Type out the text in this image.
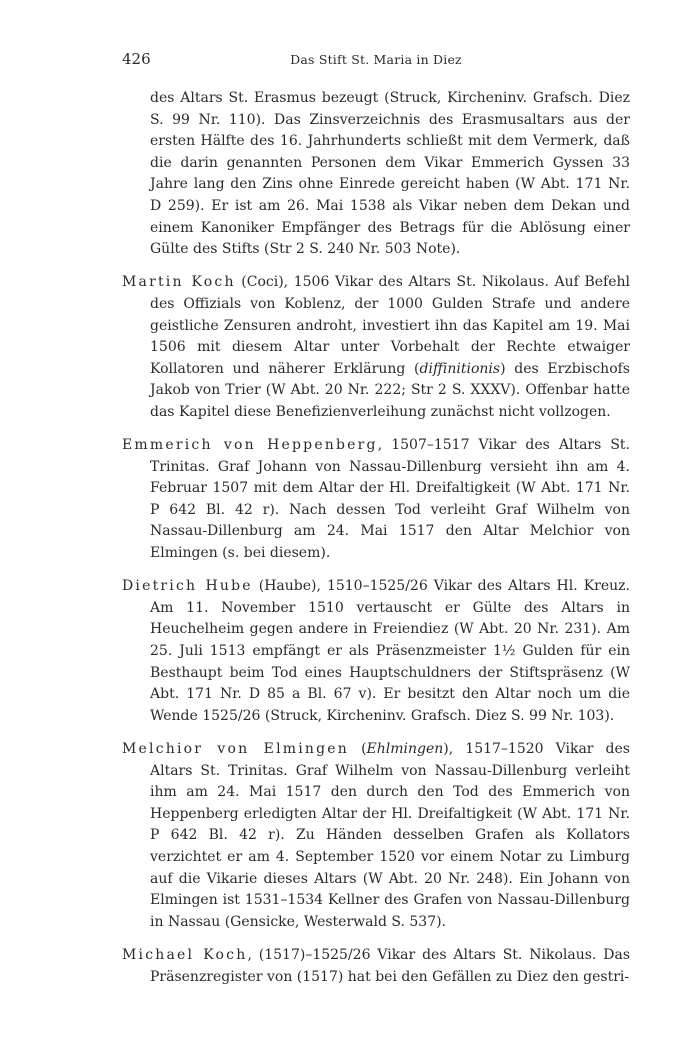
426	Das Stift St. Maria in Diez

des Altars St. Erasmus bezeugt (Struck, Kircheninv. Grafsch. Diez S. 99 Nr. 110). Das Zinsverzeichnis des Erasmusaltars aus der ersten Hälfte des 16. Jahrhunderts schließt mit dem Vermerk, daß die darin genannten Personen dem Vikar Emmerich Gyssen 33 Jahre lang den Zins ohne Einrede gereicht haben (W Abt. 171 Nr. D 259). Er ist am 26. Mai 1538 als Vikar neben dem Dekan und einem Kanoniker Empfänger des Betrags für die Ablösung einer Gülte des Stifts (Str 2 S. 240 Nr. 503 Note).

Martin Koch (Coci), 1506 Vikar des Altars St. Nikolaus. Auf Befehl des Offizials von Koblenz, der 1000 Gulden Strafe und andere geistliche Zensuren androht, investiert ihn das Kapitel am 19. Mai 1506 mit diesem Altar unter Vorbehalt der Rechte etwaiger Kollatoren und näherer Erklärung (diffinitionis) des Erzbischofs Jakob von Trier (W Abt. 20 Nr. 222; Str 2 S. XXXV). Offenbar hatte das Kapitel diese Benefizienverleihung zunächst nicht vollzogen.

Emmerich von Heppenberg, 1507–1517 Vikar des Altars St. Trinitas. Graf Johann von Nassau-Dillenburg versieht ihn am 4. Februar 1507 mit dem Altar der Hl. Dreifaltigkeit (W Abt. 171 Nr. P 642 Bl. 42 r). Nach dessen Tod verleiht Graf Wilhelm von Nassau-Dillenburg am 24. Mai 1517 den Altar Melchior von Elmingen (s. bei diesem).

Dietrich Hube (Haube), 1510–1525/26 Vikar des Altars Hl. Kreuz. Am 11. November 1510 vertauscht er Gülte des Altars in Heuchelheim gegen andere in Freiendiez (W Abt. 20 Nr. 231). Am 25. Juli 1513 empfängt er als Präsenzmeister 1½ Gulden für ein Besthaupt beim Tod eines Hauptschuldners der Stiftspräsenz (W Abt. 171 Nr. D 85 a Bl. 67 v). Er besitzt den Altar noch um die Wende 1525/26 (Struck, Kircheninv. Grafsch. Diez S. 99 Nr. 103).

Melchior von Elmingen (Ehlmingen), 1517–1520 Vikar des Altars St. Trinitas. Graf Wilhelm von Nassau-Dillenburg verleiht ihm am 24. Mai 1517 den durch den Tod des Emmerich von Heppenberg erledigten Altar der Hl. Dreifaltigkeit (W Abt. 171 Nr. P 642 Bl. 42 r). Zu Händen desselben Grafen als Kollators verzichtet er am 4. September 1520 vor einem Notar zu Limburg auf die Vikarie dieses Altars (W Abt. 20 Nr. 248). Ein Johann von Elmingen ist 1531–1534 Kellner des Grafen von Nassau-Dillenburg in Nassau (Gensicke, Westerwald S. 537).

Michael Koch, (1517)–1525/26 Vikar des Altars St. Nikolaus. Das Präsenzregister von (1517) hat bei den Gefällen zu Diez den gestri-
